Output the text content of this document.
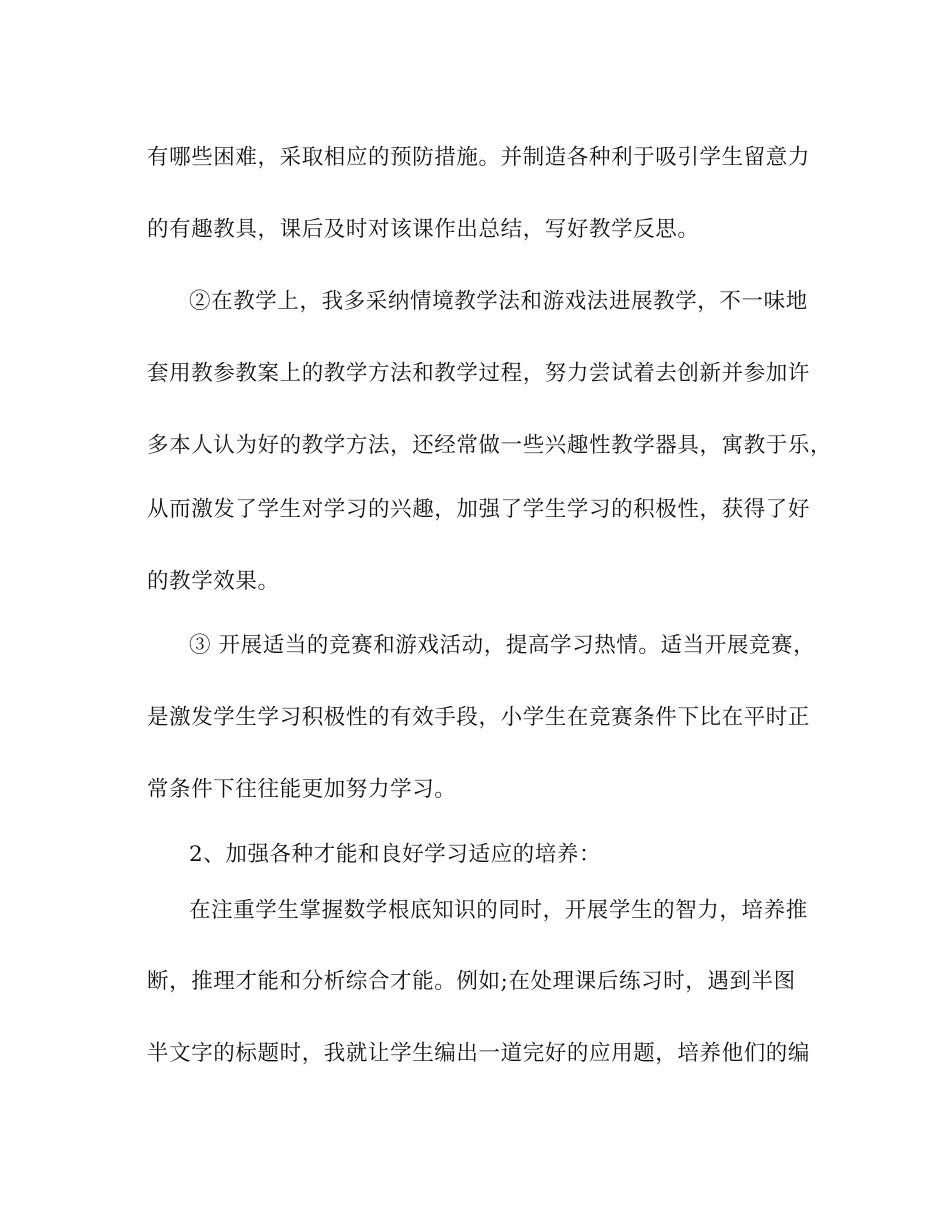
有哪些困难，采取相应的预防措施。并制造各种利于吸引学生留意力
的有趣教具，课后及时对该课作出总结，写好教学反思。
②在教学上，我多采纳情境教学法和游戏法进展教学，不一味地
套用教参教案上的教学方法和教学过程，努力尝试着去创新并参加许
多本人认为好的教学方法，还经常做一些兴趣性教学器具，寓教于乐，
从而激发了学生对学习的兴趣，加强了学生学习的积极性，获得了好
的教学效果。
③ 开展适当的竞赛和游戏活动，提高学习热情。适当开展竞赛，
是激发学生学习积极性的有效手段，小学生在竞赛条件下比在平时正
常条件下往往能更加努力学习。
2、加强各种才能和良好学习适应的培养：
在注重学生掌握数学根底知识的同时，开展学生的智力，培养推
断，推理才能和分析综合才能。例如;在处理课后练习时，遇到半图
半文字的标题时，我就让学生编出一道完好的应用题，培养他们的编
